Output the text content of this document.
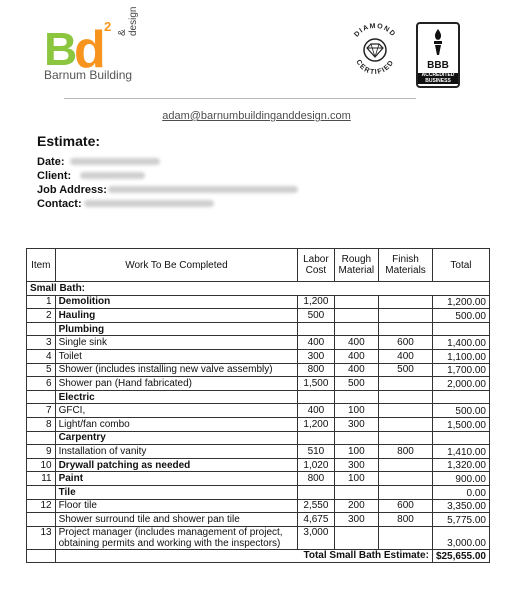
B
d
2 & design
Barnum Building
DIAMOND
CERTIFIED	BBB
ACCREDITED BUSINESS
adam@barnumbuildinganddesign.com
Estimate:
Date:
Client:
Job Address:
Contact:
Item	Work To Be Completed	Labor Cost	Rough Material	Finish Materials	Total
Small Bath:					
1	Demolition	1,200			1,200.00
2	Hauling	500			500.00
	Plumbing				
3	Single sink	400	400	600	1,400.00
4	Toilet	300	400	400	1,100.00
5	Shower (includes installing new valve assembly)	800	400	500	1,700.00
6	Shower pan (Hand fabricated)	1,500	500		2,000.00
	Electric				
7	GFCI,	400	100		500.00
8	Light/fan combo	1,200	300		1,500.00
	Carpentry				
9	Installation of vanity	510	100	800	1,410.00
10	Drywall patching as needed	1,020	300		1,320.00
11	Paint	800	100		900.00
	Tile				0.00
12	Floor tile	2,550	200	600	3,350.00
	Shower surround tile and shower pan tile	4,675	300	800	5,775.00
13	Project manager (includes management of project, obtaining permits and working with the inspectors)	3,000			3,000.00
	Total Small Bath Estimate:				$25,655.00
